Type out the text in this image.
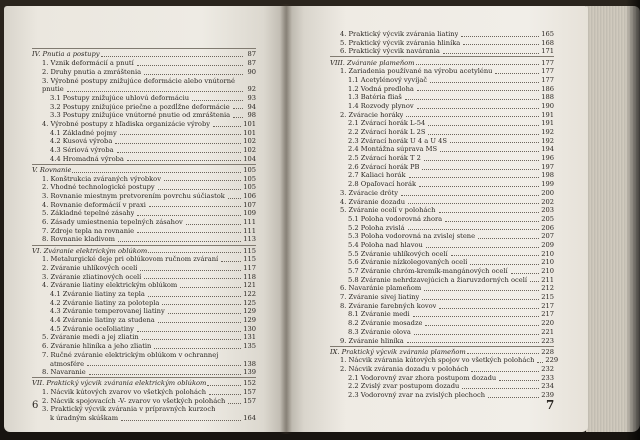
IV. Pnutia a postupy	87
1. Vznik deformácií a pnutí	87
2. Druhy pnutia a zmráštenia	90
3. Výrobné postupy znižujúce deformácie alebo vnútorné
pnutie	92
3.1 Postupy znižujúce uhlovú deformáciu	93
3.2 Postupy znižujúce priečne a pozdĺžne deformácie	94
3.3 Postupy znižujúce vnútorné pnutie od zmráštenia	98
4. Výrobné postupy z hľadiska organizácie výroby	101
4.1 Základné pojmy	101
4.2 Kusová výroba	102
4.3 Sériová výroba	102
4.4 Hromadná výroba	104
V. Rovnanie	105
1. Konštrukcia zváraných výrobkov	105
2. Vhodné technologické postupy	105
3. Rovnanie miestnym pretvorením povrchu súčiastok	106
4. Rovnanie deformácií v praxi	107
5. Základné tepelné zásahy	109
6. Zásady umiestnenia tepelných zásahov	111
7. Zdroje tepla na rovnanie	111
8. Rovnanie kladivom	113
VI. Zváranie elektrickým oblúkom	115
1. Metalurgické deje pri oblúkovom ručnom zváraní	115
2. Zváranie uhlíkových ocelí	117
3. Zváranie zliatinových ocelí	118
4. Zváranie liatiny elektrickým oblúkom	121
4.1 Zváranie liatiny za tepla	122
4.2 Zváranie liatiny za polotepla	125
4.3 Zváranie temperovanej liatiny	129
4.4 Zváranie liatiny za studena	129
4.5 Zváranie oceľoliatiny	130
5. Zváranie medi a jej zliatin	131
6. Zváranie hliníka a jeho zliatin	135
7. Ručné zváranie elektrickým oblúkom v ochrannej
atmosfére	138
8. Navaranie	139
VII. Praktický výcvik zvárania elektrickým oblúkom	152
1. Nácvik kútových zvarov vo všetkých polohách	157
2. Nácvik spojovacích -V- zvarov vo všetkých polohách	157
3. Praktický výcvik zvárania v prípravných kurzoch
k úradným skúškam	164
6
4. Praktický výcvik zvárania liatiny	165
5. Praktický výcvik zvárania hliníka	168
6. Praktický výcvik navárania	171
VIII. Zváranie plameňom	177
1. Zariadenia používané na výrobu acetylénu	177
1.1 Acetylénový vyvíjač	177
1.2 Vodná predloha	186
1.3 Batéria fliaš	188
1.4 Rozvody plynov	190
2. Zváracie horáky	191
2.1 Zvárací horák L-54	191
2.2 Zvárací horák L 2S	192
2.3 Zvárací horák U 4 a U 4S	192
2.4 Montážna súprava MS	194
2.5 Zvárací horák T 2	196
2.6 Zvárací horák PB	197
2.7 Kaliaci horák	198
2.8 Opaľovací horák	199
3. Zváracie drôty	200
4. Zváranie dozadu	202
5. Zváranie ocelí v polohách	203
5.1 Poloha vodorovná zhora	205
5.2 Poloha zvislá	206
5.3 Poloha vodorovná na zvislej stene	207
5.4 Poloha nad hlavou	209
5.5 Zváranie uhlíkových ocelí	210
5.6 Zváranie nízkolegovaných ocelí	210
5.7 Zváranie chróm-kremík-mangánových ocelí	210
5.8 Zváranie nehrdzavejúcich a žiaruvzdorných ocelí 211
6. Navaránie plameňom	212
7. Zváranie sivej liatiny	215
8. Zváranie farebných kovov	217
8.1 Zváranie medi	217
8.2 Zváranie mosadze	220
8.3 Zváranie olova	221
9. Zváranie hliníka	223
IX. Praktický výcvik zvárania plameňom	228
1. Nácvik zvárania kútových spojov vo všetkých polohách 229
2. Nácvik zvárania dozadu v polohách	232
2.1 Vodorovný zvar zhora postupom dozadu	233
2.2 Zvislý zvar postupom dozadu	234
2.3 Vodorovný zvar na zvislých plechoch	239
7
